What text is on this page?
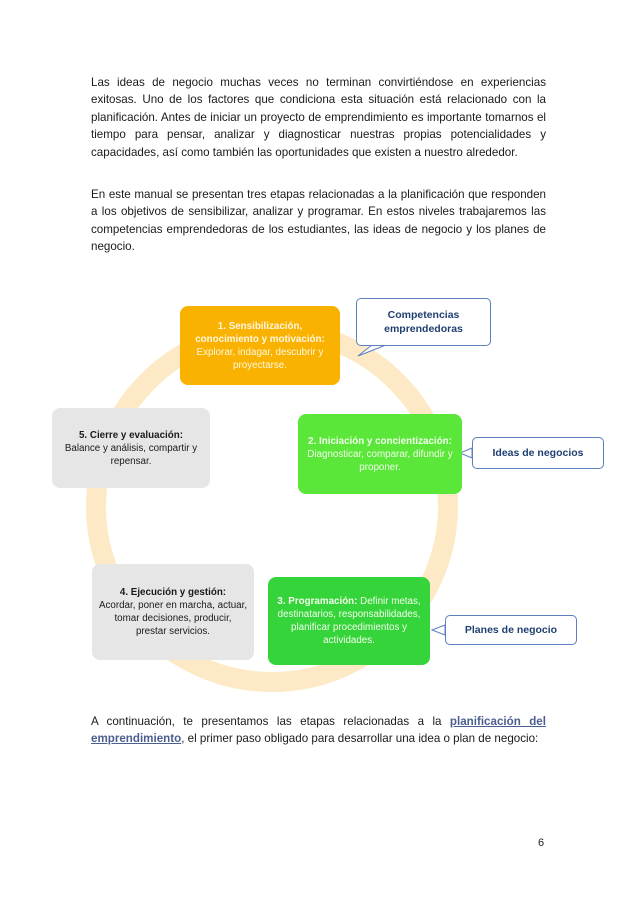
Las ideas de negocio muchas veces no terminan convirtiéndose en experiencias exitosas. Uno de los factores que condiciona esta situación está relacionado con la planificación. Antes de iniciar un proyecto de emprendimiento es importante tomarnos el tiempo para pensar, analizar y diagnosticar nuestras propias potencialidades y capacidades, así como también las oportunidades que existen a nuestro alrededor.

En este manual se presentan tres etapas relacionadas a la planificación que responden a los objetivos de sensibilizar, analizar y programar. En estos niveles trabajaremos las competencias emprendedoras de los estudiantes, las ideas de negocio y los planes de negocio.

1. Sensibilización, conocimiento y motivación:
Explorar, indagar, descubrir y proyectarse.
2. Iniciación y concientización:
Diagnosticar, comparar, difundir y proponer.
3. Programación: Definir metas, destinatarios, responsabilidades, planificar procedimientos y actividades.
4. Ejecución y gestión:
Acordar, poner en marcha, actuar, tomar decisiones, producir, prestar servicios.
5. Cierre y evaluación:
Balance y análisis, compartir y repensar.
Competencias emprendedoras
Ideas de negocios
Planes de negocio

A continuación, te presentamos las etapas relacionadas a la planificación del emprendimiento, el primer paso obligado para desarrollar una idea o plan de negocio:

6
